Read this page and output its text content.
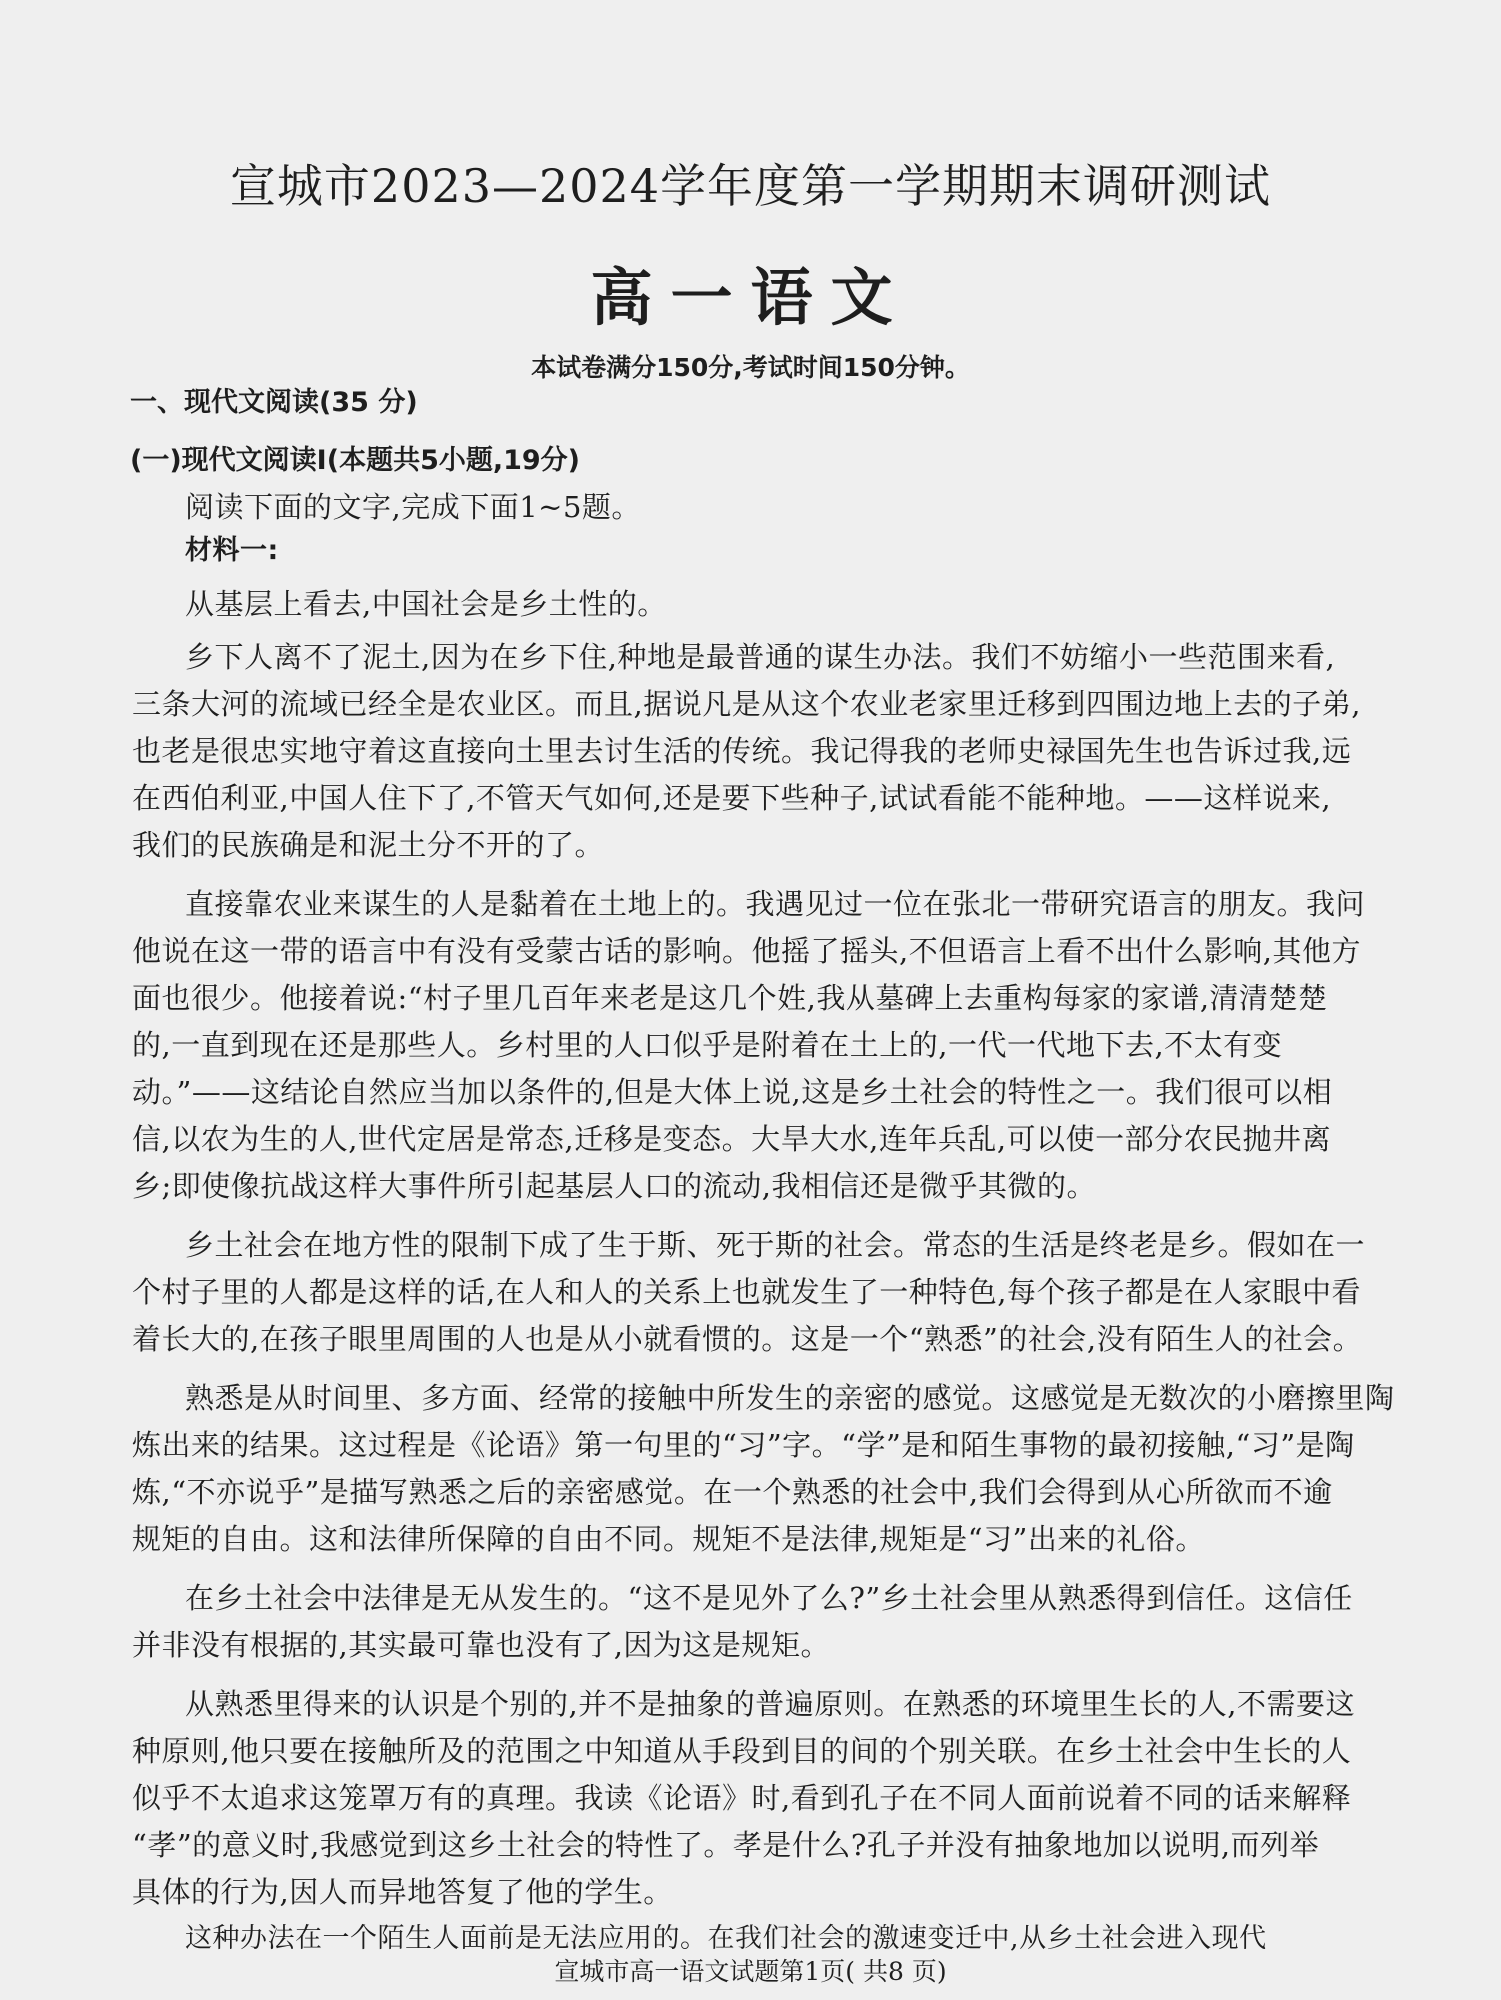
宣城市2023—2024学年度第一学期期末调研测试
高一语文
本试卷满分150分,考试时间150分钟。
一、现代文阅读(35 分)
(一)现代文阅读I(本题共5小题,19分)
阅读下面的文字,完成下面1~5题。
材料一:
从基层上看去,中国社会是乡土性的。
乡下人离不了泥土,因为在乡下住,种地是最普通的谋生办法。我们不妨缩小一些范围来看,
三条大河的流域已经全是农业区。而且,据说凡是从这个农业老家里迁移到四围边地上去的子弟,
也老是很忠实地守着这直接向土里去讨生活的传统。我记得我的老师史禄国先生也告诉过我,远
在西伯利亚,中国人住下了,不管天气如何,还是要下些种子,试试看能不能种地。——这样说来,
我们的民族确是和泥土分不开的了。
直接靠农业来谋生的人是黏着在土地上的。我遇见过一位在张北一带研究语言的朋友。我问
他说在这一带的语言中有没有受蒙古话的影响。他摇了摇头,不但语言上看不出什么影响,其他方
面也很少。他接着说:“村子里几百年来老是这几个姓,我从墓碑上去重构每家的家谱,清清楚楚
的,一直到现在还是那些人。乡村里的人口似乎是附着在土上的,一代一代地下去,不太有变
动。”——这结论自然应当加以条件的,但是大体上说,这是乡土社会的特性之一。我们很可以相
信,以农为生的人,世代定居是常态,迁移是变态。大旱大水,连年兵乱,可以使一部分农民抛井离
乡;即使像抗战这样大事件所引起基层人口的流动,我相信还是微乎其微的。
乡土社会在地方性的限制下成了生于斯、死于斯的社会。常态的生活是终老是乡。假如在一
个村子里的人都是这样的话,在人和人的关系上也就发生了一种特色,每个孩子都是在人家眼中看
着长大的,在孩子眼里周围的人也是从小就看惯的。这是一个“熟悉”的社会,没有陌生人的社会。
熟悉是从时间里、多方面、经常的接触中所发生的亲密的感觉。这感觉是无数次的小磨擦里陶
炼出来的结果。这过程是《论语》第一句里的“习”字。“学”是和陌生事物的最初接触,“习”是陶
炼,“不亦说乎”是描写熟悉之后的亲密感觉。在一个熟悉的社会中,我们会得到从心所欲而不逾
规矩的自由。这和法律所保障的自由不同。规矩不是法律,规矩是“习”出来的礼俗。
在乡土社会中法律是无从发生的。“这不是见外了么?”乡土社会里从熟悉得到信任。这信任
并非没有根据的,其实最可靠也没有了,因为这是规矩。
从熟悉里得来的认识是个别的,并不是抽象的普遍原则。在熟悉的环境里生长的人,不需要这
种原则,他只要在接触所及的范围之中知道从手段到目的间的个别关联。在乡土社会中生长的人
似乎不太追求这笼罩万有的真理。我读《论语》时,看到孔子在不同人面前说着不同的话来解释
“孝”的意义时,我感觉到这乡土社会的特性了。孝是什么?孔子并没有抽象地加以说明,而列举
具体的行为,因人而异地答复了他的学生。
这种办法在一个陌生人面前是无法应用的。在我们社会的激速变迁中,从乡土社会进入现代
宣城市高一语文试题第1页( 共8 页)
